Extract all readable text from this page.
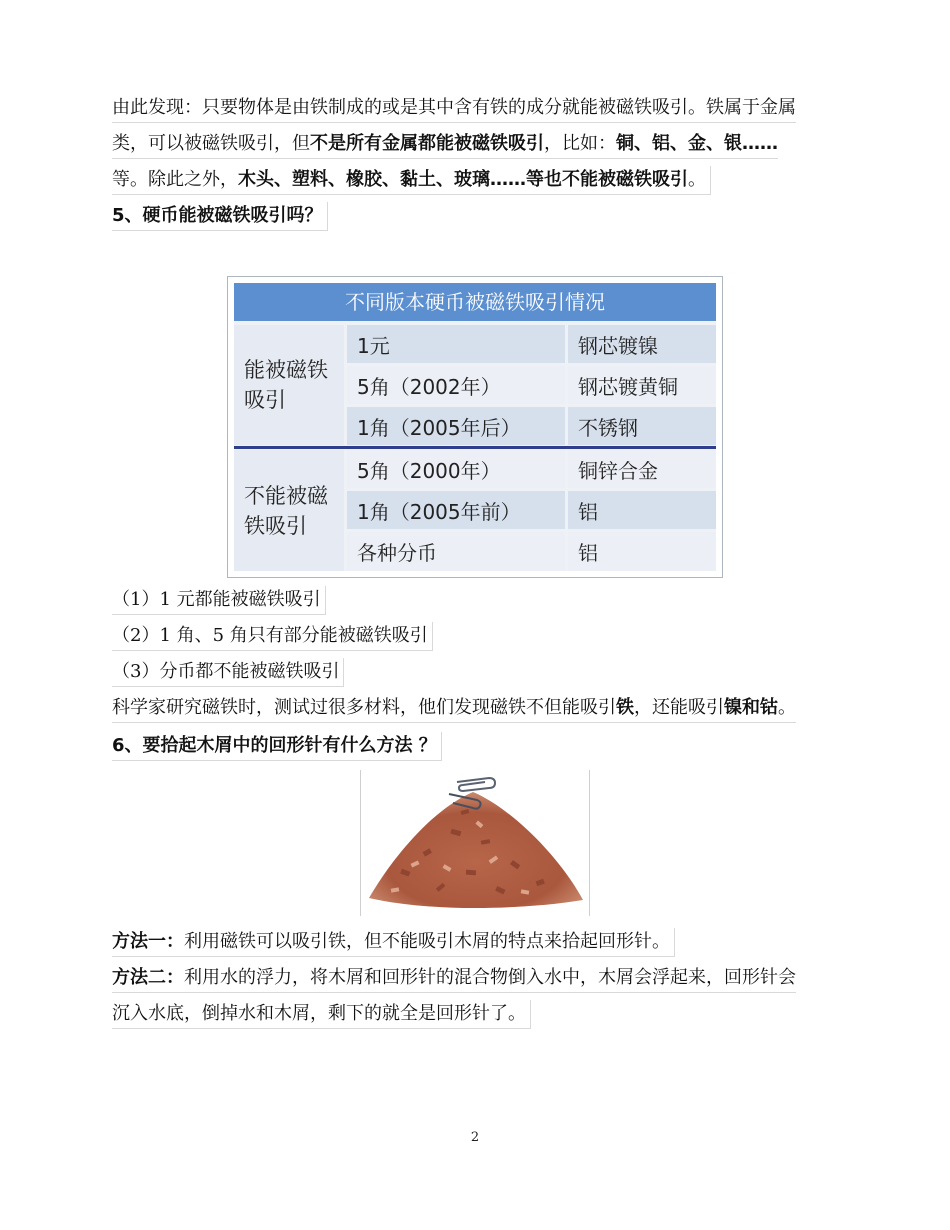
由此发现：只要物体是由铁制成的或是其中含有铁的成分就能被磁铁吸引。铁属于金属
类，可以被磁铁吸引，但不是所有金属都能被磁铁吸引，比如：铜、铝、金、银……
等。除此之外，木头、塑料、橡胶、黏土、玻璃……等也不能被磁铁吸引。
5、硬币能被磁铁吸引吗？
不同版本硬币被磁铁吸引情况
能被磁铁吸引
1元	钢芯镀镍
5角（2002年）	钢芯镀黄铜
1角（2005年后）	不锈钢
不能被磁铁吸引
5角（2000年）	铜锌合金
1角（2005年前）	铝
各种分币	铝
（1）1 元都能被磁铁吸引
（2）1 角、5 角只有部分能被磁铁吸引
（3）分币都不能被磁铁吸引
科学家研究磁铁时，测试过很多材料，他们发现磁铁不但能吸引铁，还能吸引镍和钴。
6、要拾起木屑中的回形针有什么方法 ？
方法一：利用磁铁可以吸引铁，但不能吸引木屑的特点来拾起回形针。
方法二：利用水的浮力，将木屑和回形针的混合物倒入水中，木屑会浮起来，回形针会
沉入水底，倒掉水和木屑，剩下的就全是回形针了。
2
